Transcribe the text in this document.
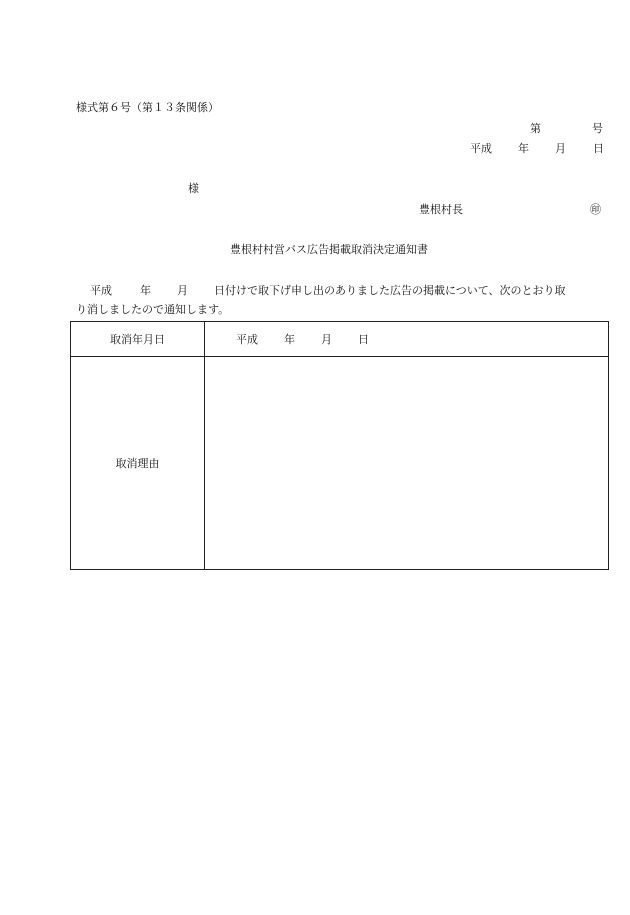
様式第６号（第１３条関係）
第	号
平成 年 月 日
様
豊根村長	㊞
豊根村村営バス広告掲載取消決定通知書
平成	年 月 日付けで取下げ申し出のありました広告の掲載について、次のとおり取
り消しましたので通知します。
取消年月日	平成 年 月 日
取消理由	
